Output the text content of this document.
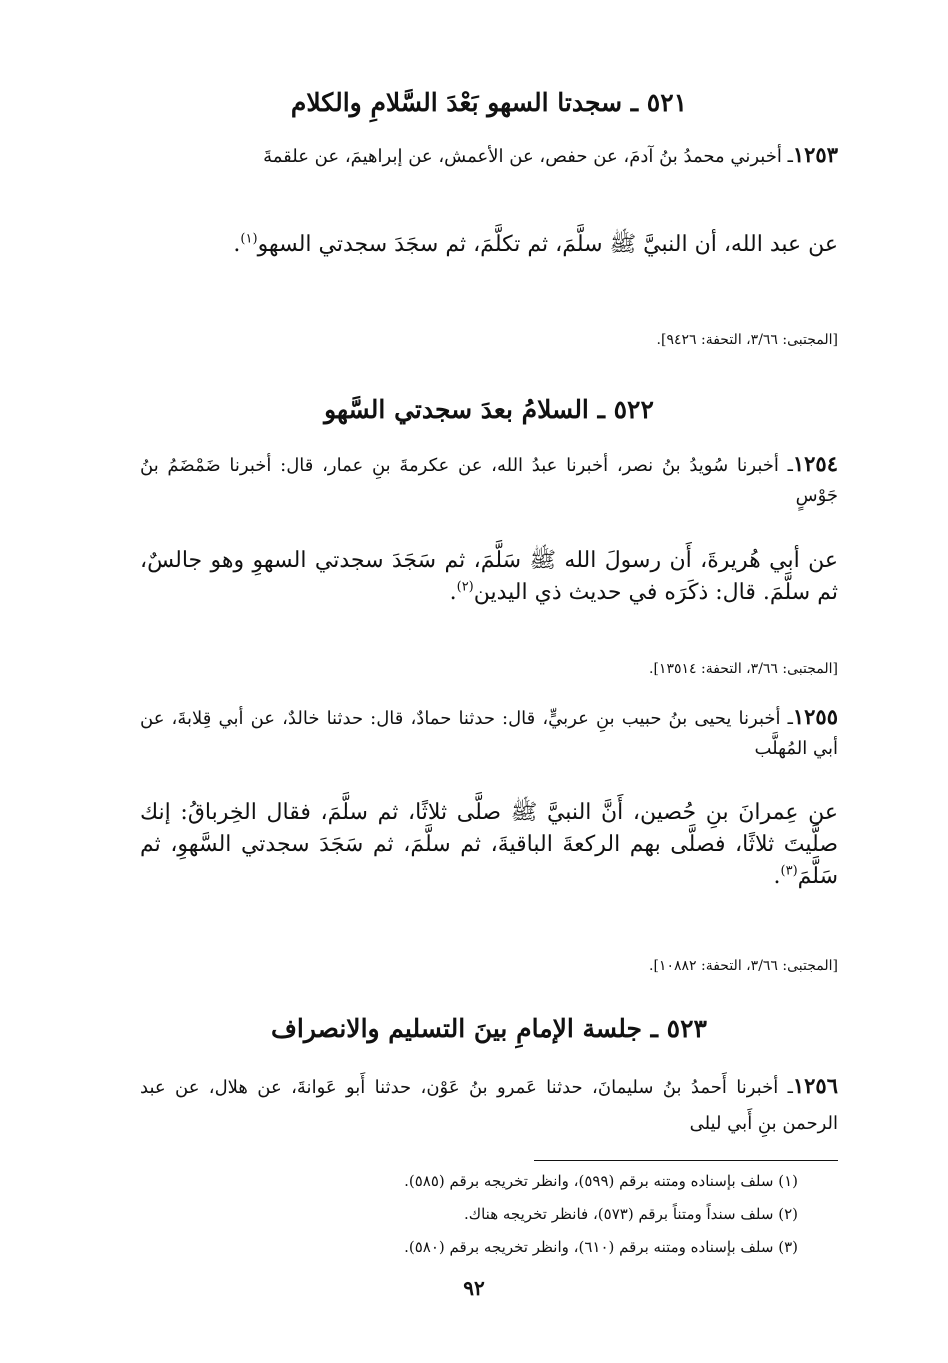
٥٢١ ـ سجدتا السهو بَعْدَ السَّلامِ والكلام
١٢٥٣ـ أخبرني محمدُ بنُ آدمَ، عن حفص، عن الأعمش، عن إبراهيمَ، عن علقمةَ
عن عبد الله، أن النبيَّ ﷺ سلَّمَ، ثم تكلَّمَ، ثم سجَدَ سجدتي السهو$^{(١)}$.
[المجتبى: ٣/٦٦، التحفة: ٩٤٢٦].
٥٢٢ ـ السلامُ بعدَ سجدتي السَّهو
١٢٥٤ـ أخبرنا سُويدُ بنُ نصر، أخبرنا عبدُ الله، عن عكرمةَ بنِ عمار، قال: أخبرنا ضَمْضَمُ بنُ جَوْسٍ
عن أبي هُريرةَ، أَن رسولَ الله ﷺ سَلَّمَ، ثم سَجَدَ سجدتي السهوِ وهو جالسٌ، ثم سلَّمَ. قال: ذكَرَه في حديث ذي اليدين$^{(٢)}$.
[المجتبى: ٣/٦٦، التحفة: ١٣٥١٤].
١٢٥٥ـ أخبرنا يحيى بنُ حبيب بنِ عربيٍّ، قال: حدثنا حمادٌ، قال: حدثنا خالدٌ، عن أبي قِلابةَ، عن أبي المُهلَّب
عن عِمرانَ بنِ حُصين، أَنَّ النبيَّ ﷺ صلَّى ثلاثًا، ثم سلَّمَ، فقال الخِرباقُ: إنك صلَّيتَ ثلاثًا، فصلَّى بهم الركعةَ الباقيةَ، ثم سلَّمَ، ثم سَجَدَ سجدتي السَّهوِ، ثم سَلَّمَ$^{(٣)}$.
[المجتبى: ٣/٦٦، التحفة: ١٠٨٨٢].
٥٢٣ ـ جلسة الإمامِ بينَ التسليم والانصراف
١٢٥٦ـ أخبرنا أَحمدُ بنُ سليمانَ، حدثنا عَمرو بنُ عَوْن، حدثنا أَبو عَوانةَ، عن هلال، عن عبد الرحمن بنِ أَبي ليلى
(١) سلف بإسناده ومتنه برقم (٥٩٩)، وانظر تخريجه برقم (٥٨٥).
(٢) سلف سنداً ومتناً برقم (٥٧٣)، فانظر تخريجه هناك.
(٣) سلف بإسناده ومتنه برقم (٦١٠)، وانظر تخريجه برقم (٥٨٠).
٩٢
